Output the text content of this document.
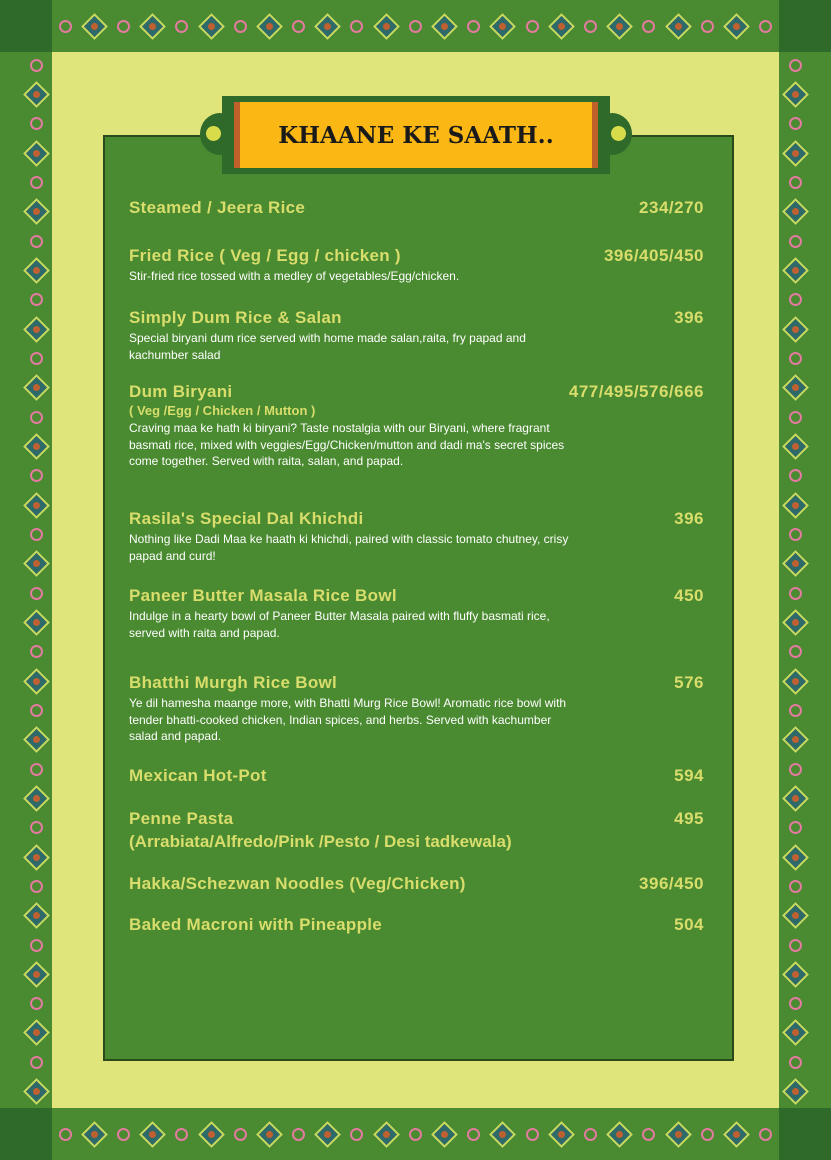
KHAANE KE SAATH..
Steamed / Jeera Rice	234/270
Fried Rice ( Veg / Egg / chicken )	396/405/450
Stir-fried rice tossed with a medley of vegetables/Egg/chicken.
Simply Dum Rice & Salan	396
Special biryani dum rice served with home made salan,raita, fry papad and kachumber salad
Dum Biryani	477/495/576/666
( Veg /Egg / Chicken / Mutton )
Craving maa ke hath ki biryani? Taste nostalgia with our Biryani, where fragrant basmati rice, mixed with veggies/Egg/Chicken/mutton and dadi ma's secret spices come together. Served with raita, salan, and papad.
Rasila's Special Dal Khichdi	396
Nothing like Dadi Maa ke haath ki khichdi, paired with classic tomato chutney, crisy papad and curd!
Paneer Butter Masala Rice Bowl	450
Indulge in a hearty bowl of Paneer Butter Masala paired with fluffy basmati rice, served with raita and papad.
Bhatthi Murgh Rice Bowl	576
Ye dil hamesha maange more, with Bhatti Murg Rice Bowl! Aromatic rice bowl with tender bhatti-cooked chicken, Indian spices, and herbs. Served with kachumber salad and papad.
Mexican Hot-Pot	594
Penne Pasta	495
(Arrabiata/Alfredo/Pink /Pesto / Desi tadkewala)
Hakka/Schezwan Noodles (Veg/Chicken)	396/450
Baked Macroni with Pineapple	504
